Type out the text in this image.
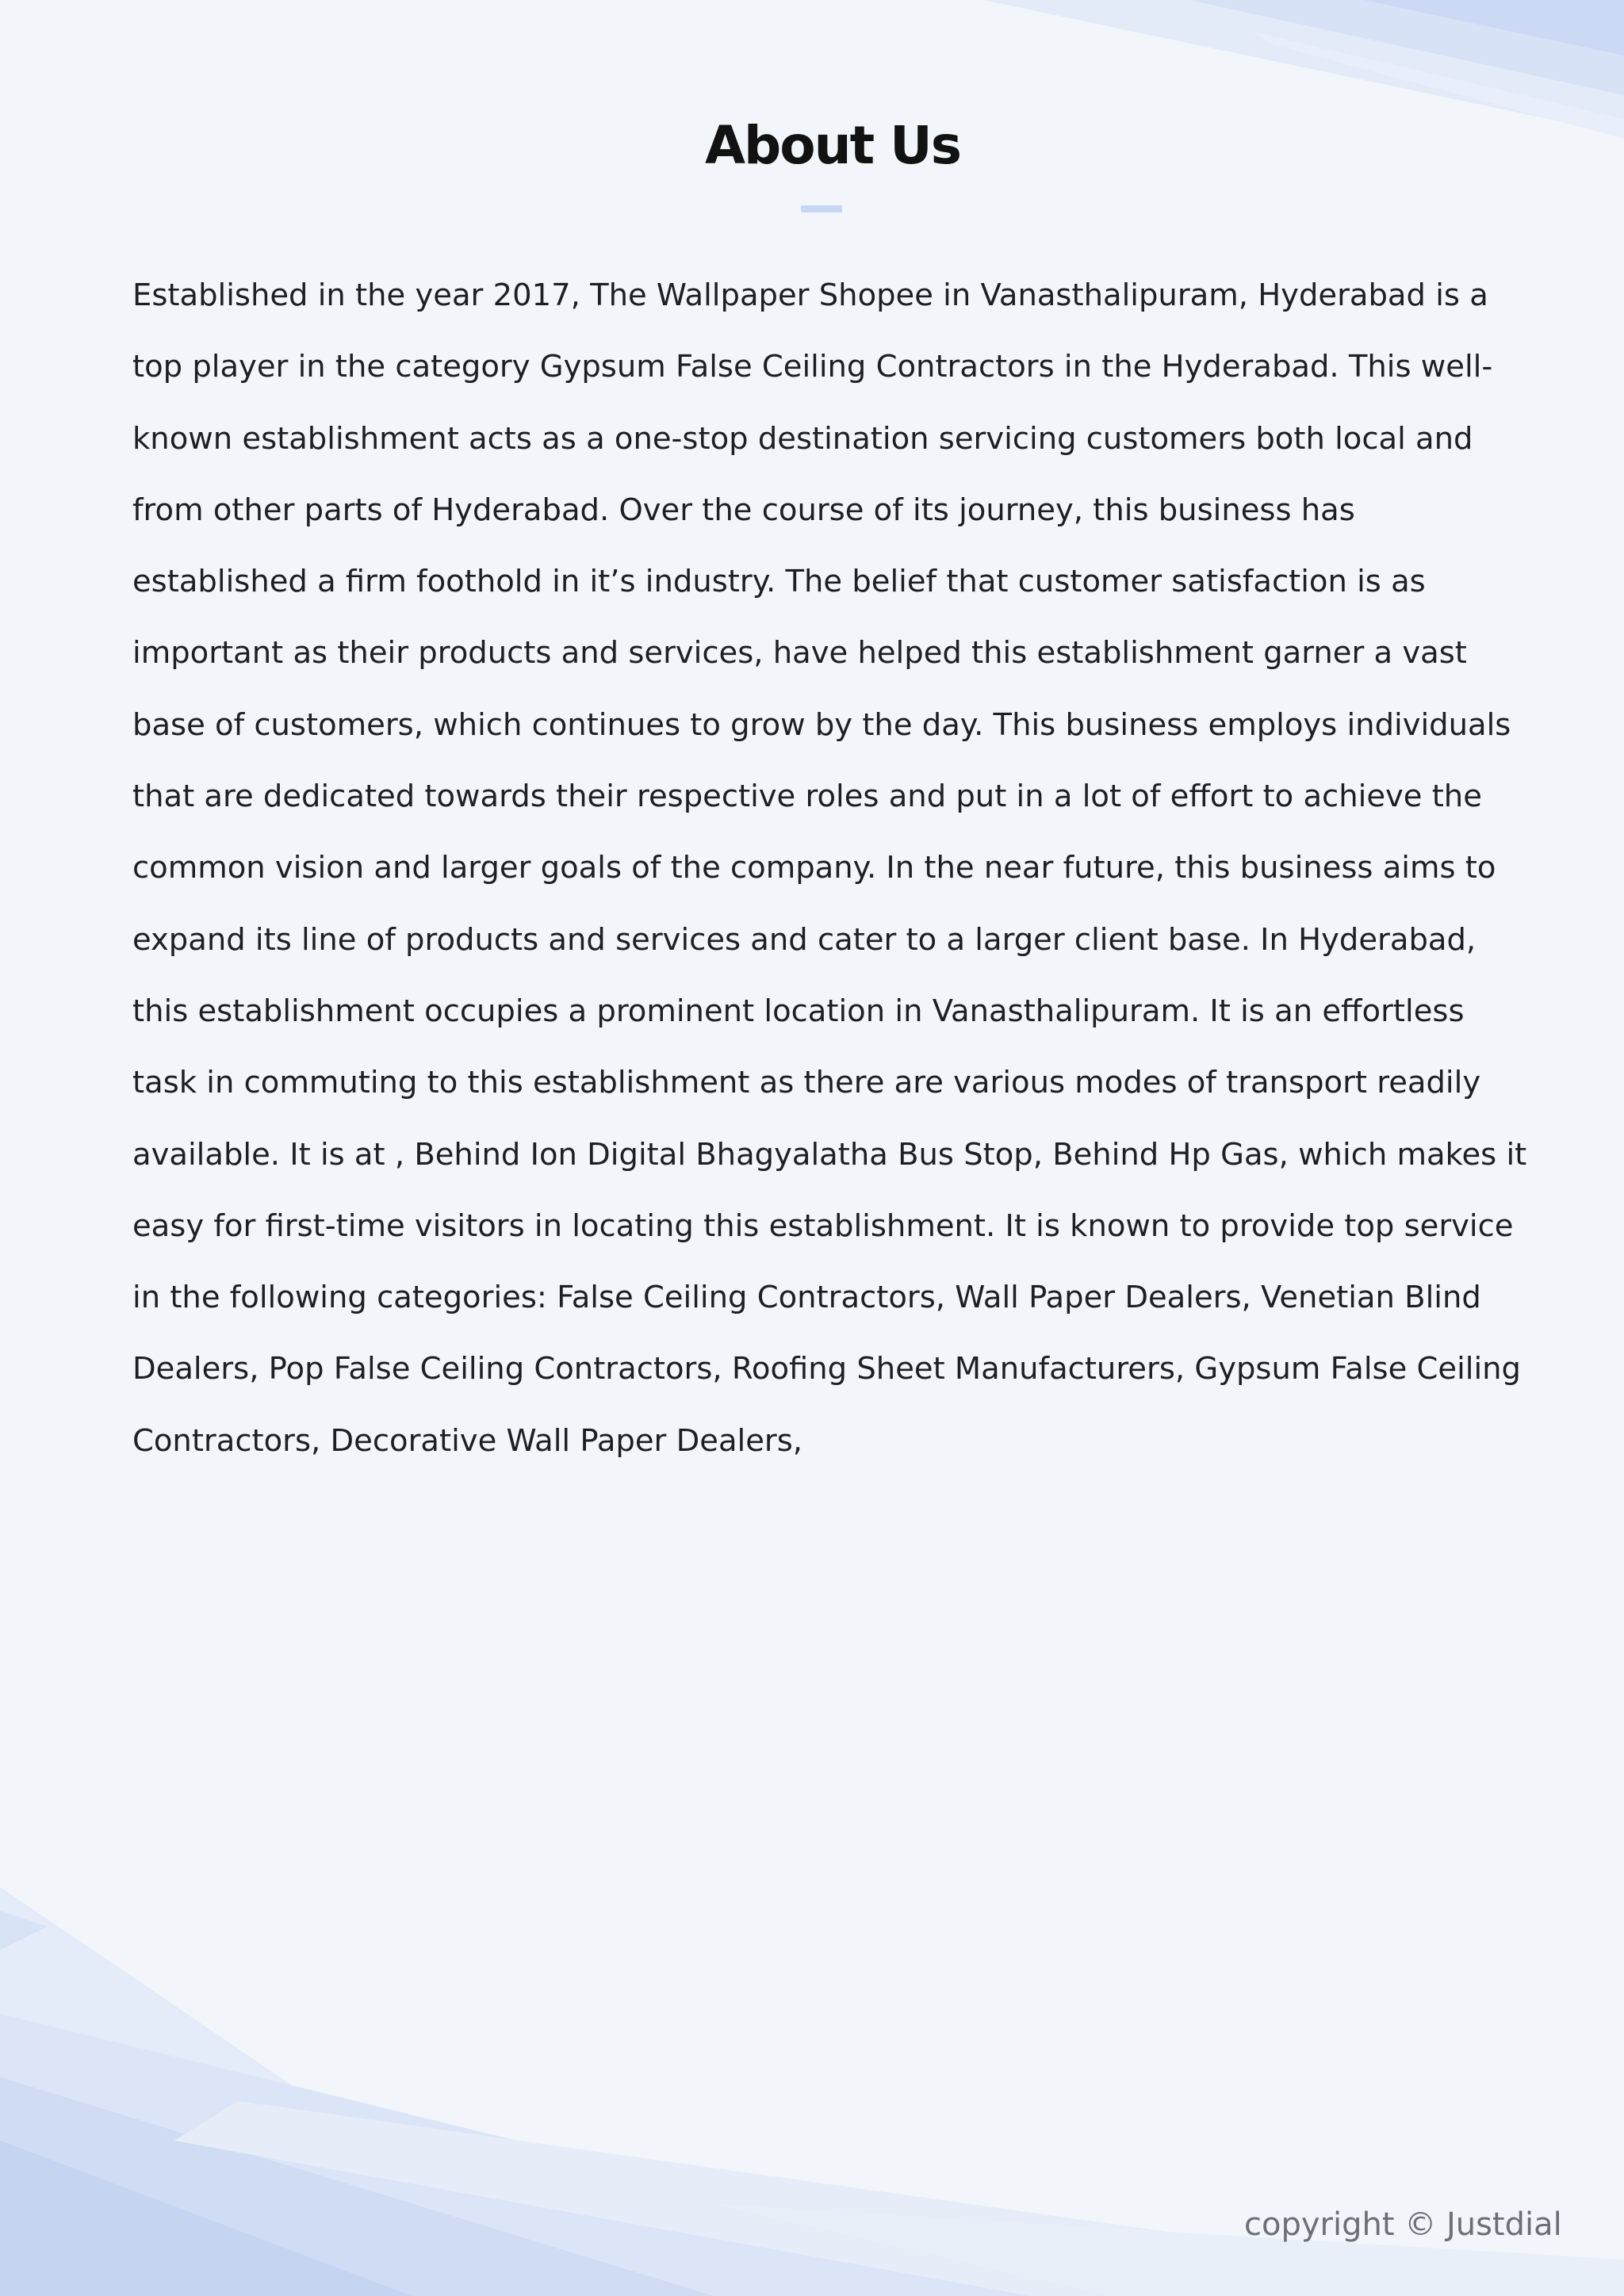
About Us

Established in the year 2017, The Wallpaper Shopee in Vanasthalipuram, Hyderabad is a top player in the category Gypsum False Ceiling Contractors in the Hyderabad. This well-known establishment acts as a one-stop destination servicing customers both local and from other parts of Hyderabad. Over the course of its journey, this business has established a firm foothold in it’s industry. The belief that customer satisfaction is as important as their products and services, have helped this establishment garner a vast base of customers, which continues to grow by the day. This business employs individuals that are dedicated towards their respective roles and put in a lot of effort to achieve the common vision and larger goals of the company. In the near future, this business aims to expand its line of products and services and cater to a larger client base. In Hyderabad, this establishment occupies a prominent location in Vanasthalipuram. It is an effortless task in commuting to this establishment as there are various modes of transport readily available. It is at , Behind Ion Digital Bhagyalatha Bus Stop, Behind Hp Gas, which makes it easy for first-time visitors in locating this establishment. It is known to provide top service in the following categories: False Ceiling Contractors, Wall Paper Dealers, Venetian Blind Dealers, Pop False Ceiling Contractors, Roofing Sheet Manufacturers, Gypsum False Ceiling Contractors, Decorative Wall Paper Dealers,

copyright © Justdial
